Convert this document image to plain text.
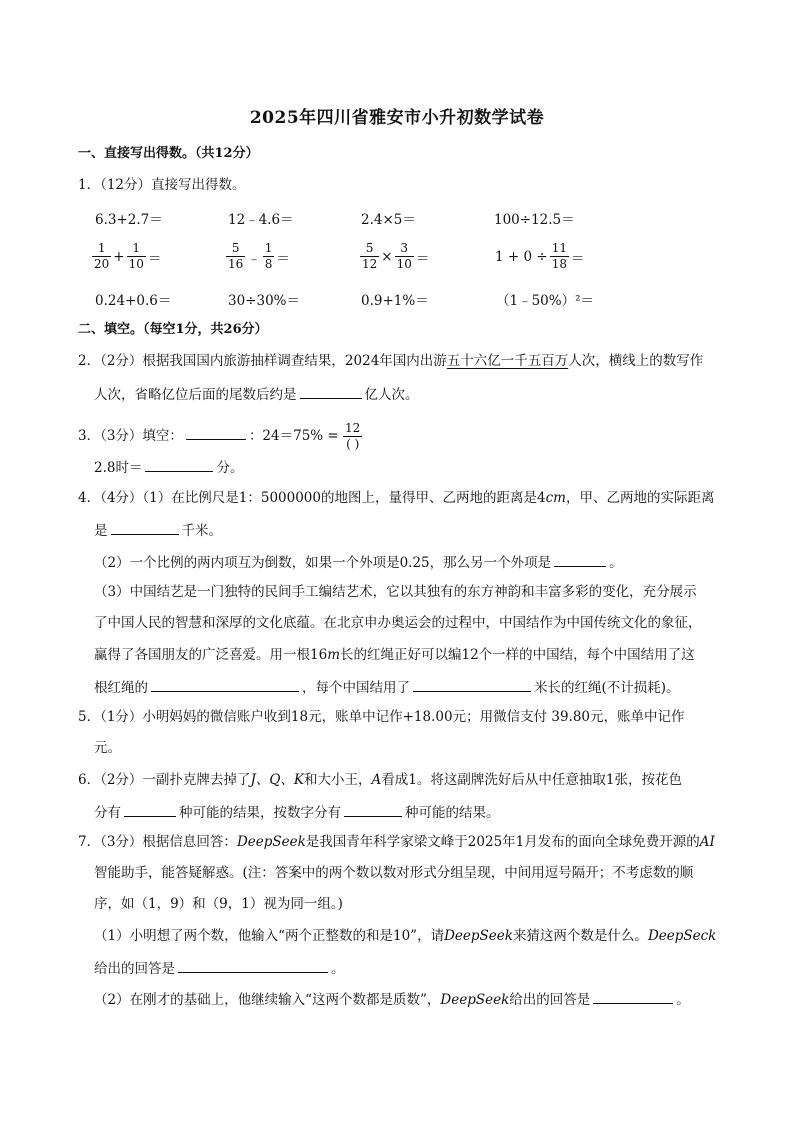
2025年四川省雅安市小升初数学试卷
一、直接写出得数。（共12分）
1．（12分）直接写出得数。
6.3+2.7＝	12﹣4.6＝	2.4×5＝	100÷12.5＝
$\frac{1}{20} + \frac{1}{10}$ ＝	$\frac{5}{16}$ ﹣ $\frac{1}{8}$ ＝	$\frac{5}{12} \times \frac{3}{10}$ ＝	$1 + 0 \div \frac{11}{18}$ ＝
0.24+0.6＝	30÷30%＝	0.9+1%＝	（1﹣50%）²＝
二、填空。（每空1分，共26分）
2．（2分）根据我国国内旅游抽样调查结果，2024年国内出游五十六亿一千五百万人次，横线上的数写作
人次，省略亿位后面的尾数后约是	亿人次。
3．（3分）填空：	：$24=75\% = \frac{12}{( )}$
2.8时＝	分。
4．（4分）（1）在比例尺是1：5000000的地图上，量得甲、乙两地的距离是4cm，甲、乙两地的实际距离
是	千米。
（2）一个比例的两内项互为倒数，如果一个外项是0.25，那么另一个外项是	。
（3）中国结艺是一门独特的民间手工编结艺术，它以其独有的东方神韵和丰富多彩的变化，充分展示
了中国人民的智慧和深厚的文化底蕴。在北京申办奥运会的过程中，中国结作为中国传统文化的象征，
赢得了各国朋友的广泛喜爱。用一根16m长的红绳正好可以编12个一样的中国结，每个中国结用了这
根红绳的	，每个中国结用了	米长的红绳(不计损耗)。
5．（1分）小明妈妈的微信账户收到18元，账单中记作+18.00元；用微信支付 39.80元，账单中记作
元。
6．（2分）一副扑克牌去掉了J、Q、K和大小王，A看成1。将这副牌洗好后从中任意抽取1张，按花色
分有	种可能的结果，按数字分有	种可能的结果。
7．（3分）根据信息回答：DeepSeek是我国青年科学家梁文峰于2025年1月发布的面向全球免费开源的AI
智能助手，能答疑解惑。(注：答案中的两个数以数对形式分组呈现，中间用逗号隔开；不考虑数的顺
序，如（1，9）和（9，1）视为同一组。)
（1）小明想了两个数，他输入“两个正整数的和是10”，请DeepSeek来猜这两个数是什么。DeepSeck
给出的回答是	。
（2）在刚才的基础上，他继续输入“这两个数都是质数”，DeepSeek给出的回答是	。
